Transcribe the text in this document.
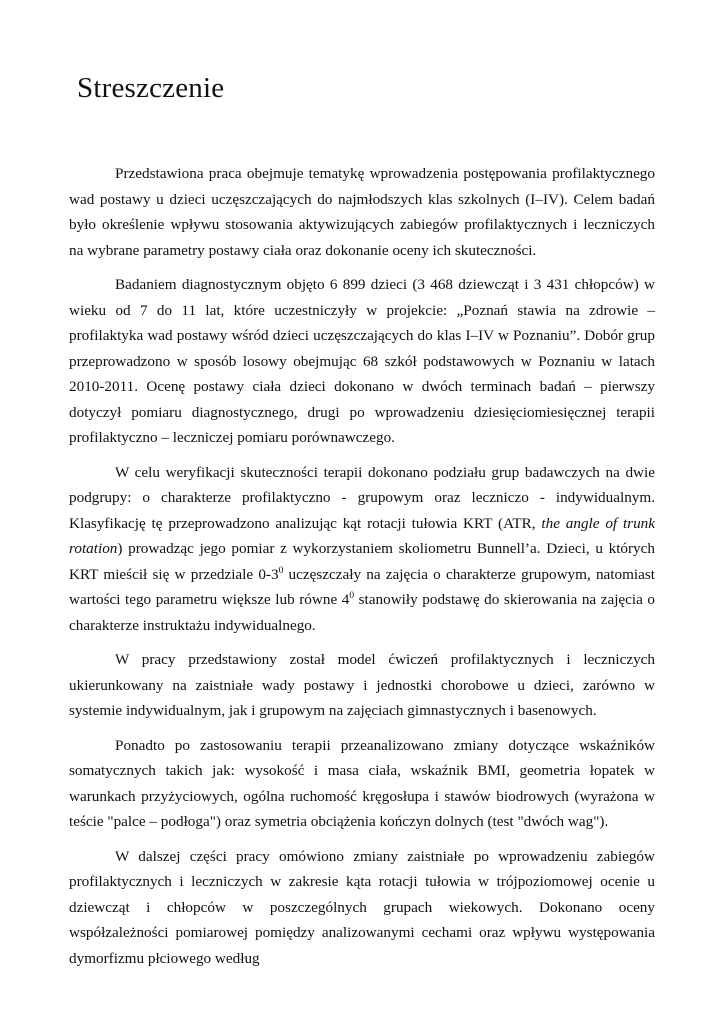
Streszczenie

Przedstawiona praca obejmuje tematykę wprowadzenia postępowania profilaktycznego wad postawy u dzieci uczęszczających do najmłodszych klas szkolnych (I–IV). Celem badań było określenie wpływu stosowania aktywizujących zabiegów profilaktycznych i leczniczych na wybrane parametry postawy ciała oraz dokonanie oceny ich skuteczności.

Badaniem diagnostycznym objęto 6 899 dzieci (3 468 dziewcząt i 3 431 chłopców) w wieku od 7 do 11 lat, które uczestniczyły w projekcie: „Poznań stawia na zdrowie – profilaktyka wad postawy wśród dzieci uczęszczających do klas I–IV w Poznaniu”. Dobór grup przeprowadzono w sposób losowy obejmując 68 szkół podstawowych w Poznaniu w latach 2010-2011. Ocenę postawy ciała dzieci dokonano w dwóch terminach badań – pierwszy dotyczył pomiaru diagnostycznego, drugi po wprowadzeniu dziesięciomiesięcznej terapii profilaktyczno – leczniczej pomiaru porównawczego.

W celu weryfikacji skuteczności terapii dokonano podziału grup badawczych na dwie podgrupy: o charakterze profilaktyczno - grupowym oraz leczniczo - indywidualnym. Klasyfikację tę przeprowadzono analizując kąt rotacji tułowia KRT (ATR, the angle of trunk rotation) prowadząc jego pomiar z wykorzystaniem skoliometru Bunnell’a. Dzieci, u których KRT mieścił się w przedziale $0-3^0$ uczęszczały na zajęcia o charakterze grupowym, natomiast wartości tego parametru większe lub równe $4^0$ stanowiły podstawę do skierowania na zajęcia o charakterze instruktażu indywidualnego.

W pracy przedstawiony został model ćwiczeń profilaktycznych i leczniczych ukierunkowany na zaistniałe wady postawy i jednostki chorobowe u dzieci, zarówno w systemie indywidualnym, jak i grupowym na zajęciach gimnastycznych i basenowych.

Ponadto po zastosowaniu terapii przeanalizowano zmiany dotyczące wskaźników somatycznych takich jak: wysokość i masa ciała, wskaźnik BMI, geometria łopatek w warunkach przyżyciowych, ogólna ruchomość kręgosłupa i stawów biodrowych (wyrażona w teście "palce – podłoga") oraz symetria obciążenia kończyn dolnych (test "dwóch wag").

W dalszej części pracy omówiono zmiany zaistniałe po wprowadzeniu zabiegów profilaktycznych i leczniczych w zakresie kąta rotacji tułowia w trójpoziomowej ocenie u dziewcząt i chłopców w poszczególnych grupach wiekowych. Dokonano oceny współzależności pomiarowej pomiędzy analizowanymi cechami oraz wpływu występowania dymorfizmu płciowego według
